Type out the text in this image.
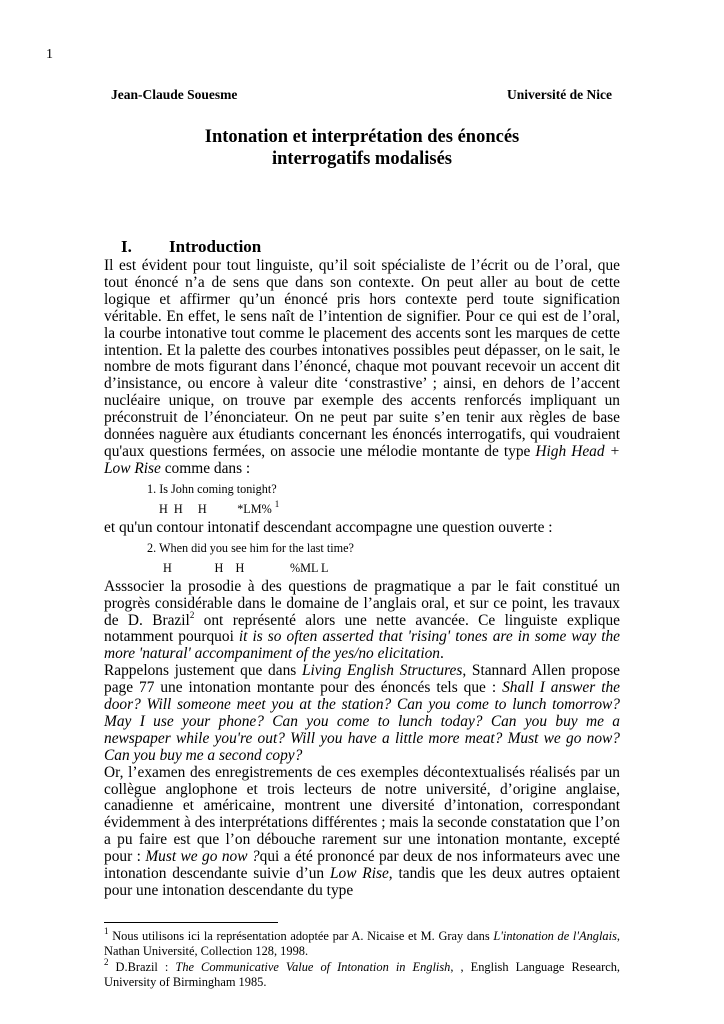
1
Jean-Claude Souesme	Université de Nice
Intonation et interprétation des énoncés
interrogatifs modalisés
I. Introduction

Il est évident pour tout linguiste, qu’il soit spécialiste de l’écrit ou de l’oral, que tout énoncé n’a de sens que dans son contexte. On peut aller au bout de cette logique et affirmer qu’un énoncé pris hors contexte perd toute signification véritable. En effet, le sens naît de l’intention de signifier. Pour ce qui est de l’oral, la courbe intonative tout comme le placement des accents sont les marques de cette intention. Et la palette des courbes intonatives possibles peut dépasser, on le sait, le nombre de mots figurant dans l’énoncé, chaque mot pouvant recevoir un accent dit d’insistance, ou encore à valeur dite ‘constrastive’ ; ainsi, en dehors de l’accent nucléaire unique, on trouve par exemple des accents renforcés impliquant un préconstruit de l’énonciateur. On ne peut par suite s’en tenir aux règles de base données naguère aux étudiants concernant les énoncés interrogatifs, qui voudraient qu'aux questions fermées, on associe une mélodie montante de type High Head + Low Rise comme dans :

1. Is John coming tonight?
H  H     H          *LM% $^1$

et qu'un contour intonatif descendant accompagne une question ouverte :

2. When did you see him for the last time?
H              H    H               %ML L

Asssocier la prosodie à des questions de pragmatique a par le fait constitué un progrès considérable dans le domaine de l’anglais oral, et sur ce point, les travaux de D. Brazil$^2$ ont représenté alors une nette avancée. Ce linguiste explique notamment pourquoi it is so often asserted that 'rising' tones are in some way the more 'natural' accompaniment of the yes/no elicitation.

Rappelons justement que dans Living English Structures, Stannard Allen propose page 77 une intonation montante pour des énoncés tels que : Shall I answer the door? Will someone meet you at the station? Can you come to lunch tomorrow? May I use your phone? Can you come to lunch today? Can you buy me a newspaper while you're out? Will you have a little more meat? Must we go now? Can you buy me a second copy?

Or, l’examen des enregistrements de ces exemples décontextualisés réalisés par un collègue anglophone et trois lecteurs de notre université, d’origine anglaise, canadienne et américaine, montrent une diversité d’intonation, correspondant évidemment à des interprétations différentes ; mais la seconde constatation que l’on a pu faire est que l’on débouche rarement sur une intonation montante, excepté pour : Must we go now ?qui a été prononcé par deux de nos informateurs avec une intonation descendante suivie d’un Low Rise, tandis que les deux autres optaient pour une intonation descendante du type

$^1$ Nous utilisons ici la représentation adoptée par A. Nicaise et M. Gray dans L'intonation de l'Anglais, Nathan Université, Collection 128, 1998.

$^2$ D.Brazil : The Communicative Value of Intonation in English, , English Language Research, University of Birmingham 1985.
